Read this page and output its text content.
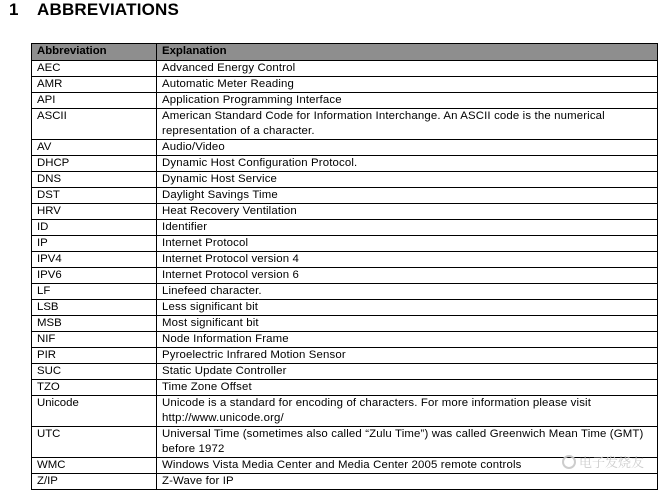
1	ABBREVIATIONS
Abbreviation	Explanation
AEC	Advanced Energy Control
AMR	Automatic Meter Reading
API	Application Programming Interface
ASCII	American Standard Code for Information Interchange. An ASCII code is the numerical representation of a character.
AV	Audio/Video
DHCP	Dynamic Host Configuration Protocol.
DNS	Dynamic Host Service
DST	Daylight Savings Time
HRV	Heat Recovery Ventilation
ID	Identifier
IP	Internet Protocol
IPV4	Internet Protocol version 4
IPV6	Internet Protocol version 6
LF	Linefeed character.
LSB	Less significant bit
MSB	Most significant bit
NIF	Node Information Frame
PIR	Pyroelectric Infrared Motion Sensor
SUC	Static Update Controller
TZO	Time Zone Offset
Unicode	Unicode is a standard for encoding of characters. For more information please visit http://www.unicode.org/
UTC	Universal Time (sometimes also called “Zulu Time”) was called Greenwich Mean Time (GMT) before 1972
WMC	Windows Vista Media Center and Media Center 2005 remote controls
Z/IP	Z-Wave for IP
电子发烧友
